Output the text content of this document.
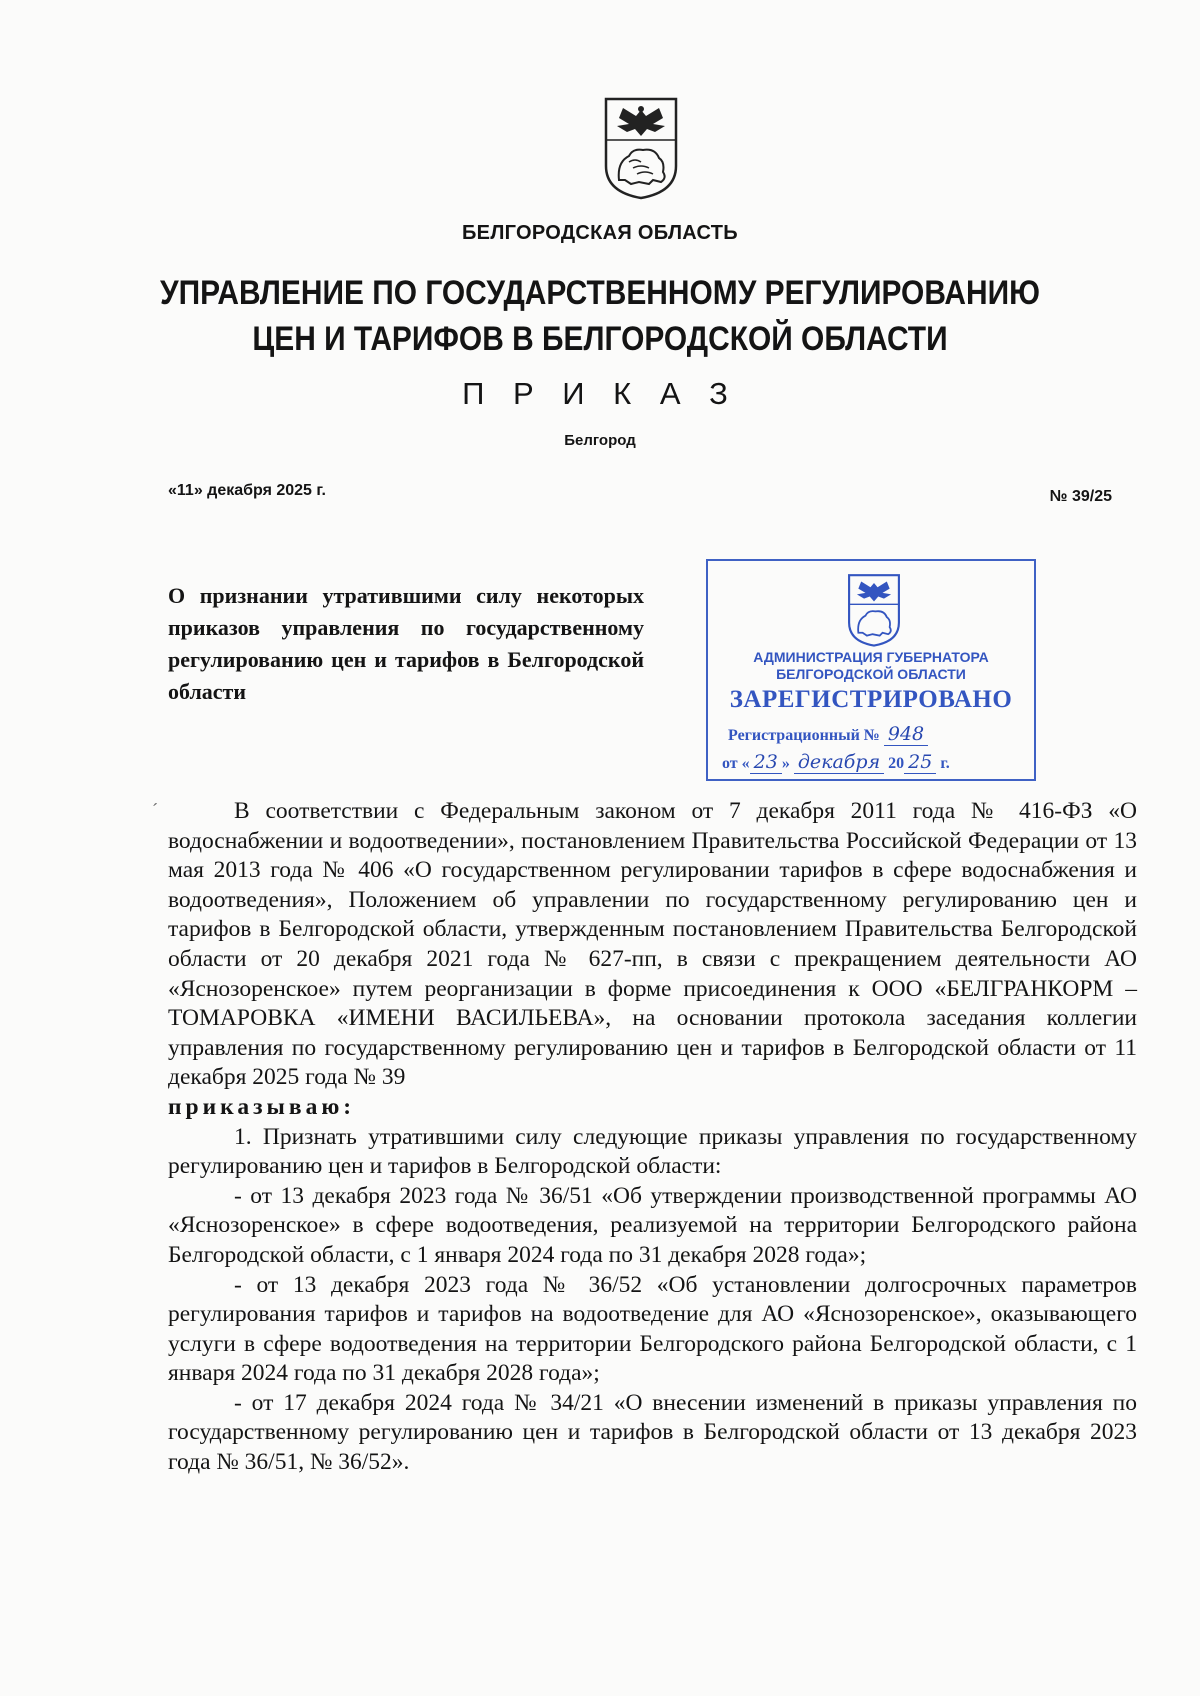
БЕЛГОРОДСКАЯ ОБЛАСТЬ
УПРАВЛЕНИЕ ПО ГОСУДАРСТВЕННОМУ РЕГУЛИРОВАНИЮ
ЦЕН И ТАРИФОВ В БЕЛГОРОДСКОЙ ОБЛАСТИ
П Р И К А З
Белгород
«11» декабря 2025 г.	№ 39/25
О признании утратившими силу некоторых приказов управления по государственному регулированию цен и тарифов в Белгородской области
АДМИНИСТРАЦИЯ ГУБЕРНАТОРА
БЕЛГОРОДСКОЙ ОБЛАСТИ
ЗАРЕГИСТРИРОВАНО
Регистрационный № 948
от « 23 » декабря 20 25 г.
ˊ	В соответствии с Федеральным законом от 7 декабря 2011 года № 416-ФЗ «О водоснабжении и водоотведении», постановлением Правительства Российской Федерации от 13 мая 2013 года № 406 «О государственном регулировании тарифов в сфере водоснабжения и водоотведения», Положением об управлении по государственному регулированию цен и тарифов в Белгородской области, утвержденным постановлением Правительства Белгородской области от 20 декабря 2021 года № 627-пп, в связи с прекращением деятельности АО «Яснозоренское» путем реорганизации в форме присоединения к ООО «БЕЛГРАНКОРМ – ТОМАРОВКА «ИМЕНИ ВАСИЛЬЕВА», на основании протокола заседания коллегии управления по государственному регулированию цен и тарифов в Белгородской области от 11 декабря 2025 года № 39
приказываю:

1. Признать утратившими силу следующие приказы управления по государственному регулированию цен и тарифов в Белгородской области:

- от 13 декабря 2023 года № 36/51 «Об утверждении производственной программы АО «Яснозоренское» в сфере водоотведения, реализуемой на территории Белгородского района Белгородской области, с 1 января 2024 года по 31 декабря 2028 года»;

- от 13 декабря 2023 года № 36/52 «Об установлении долгосрочных параметров регулирования тарифов и тарифов на водоотведение для АО «Яснозоренское», оказывающего услуги в сфере водоотведения на территории Белгородского района Белгородской области, с 1 января 2024 года по 31 декабря 2028 года»;

- от 17 декабря 2024 года № 34/21 «О внесении изменений в приказы управления по государственному регулированию цен и тарифов в Белгородской области от 13 декабря 2023 года № 36/51, № 36/52».
